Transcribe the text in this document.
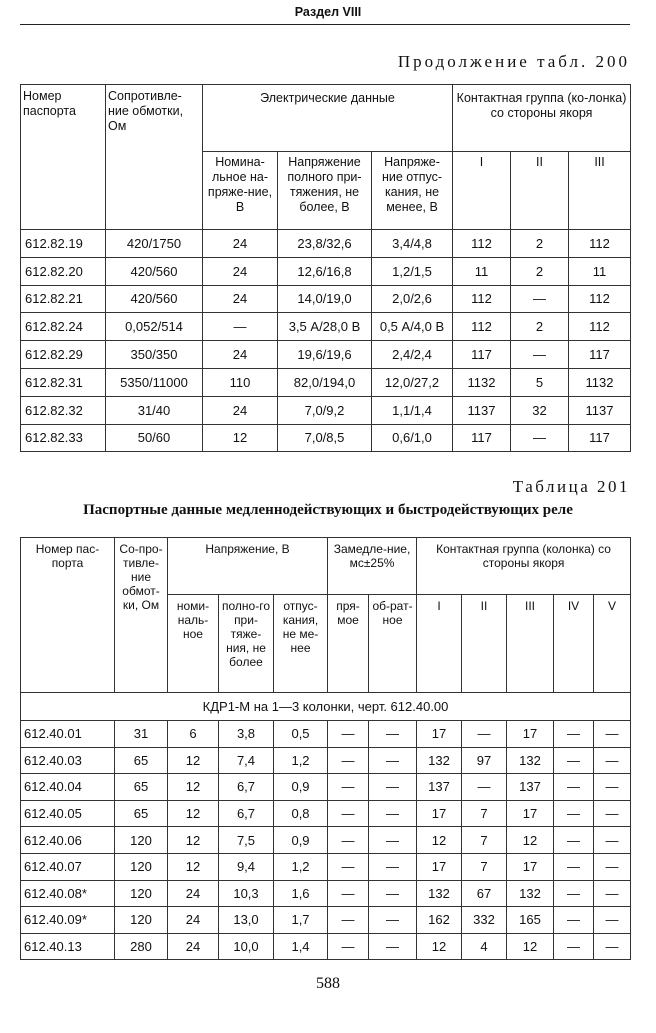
Раздел VIII
Продолжение табл. 200
Номер паспорта	Сопротивле-ние обмотки, Ом	Электрические данные			Контактная группа (ко-лонка) со стороны якоря		
		Номина-льное на-пряже-ние, В	Напряжение полного при-тяжения, не более, В	Напряже-ние отпус-кания, не менее, В	I	II	III
612.82.19	420/1750	24	23,8/32,6	3,4/4,8	112	2	112
612.82.20	420/560	24	12,6/16,8	1,2/1,5	11	2	11
612.82.21	420/560	24	14,0/19,0	2,0/2,6	112	—	112
612.82.24	0,052/514	—	3,5 А/28,0 В	0,5 А/4,0 В	112	2	112
612.82.29	350/350	24	19,6/19,6	2,4/2,4	117	—	117
612.82.31	5350/11000	110	82,0/194,0	12,0/27,2	1132	5	1132
612.82.32	31/40	24	7,0/9,2	1,1/1,4	1137	32	1137
612.82.33	50/60	12	7,0/8,5	0,6/1,0	117	—	117
Таблица 201
Паспортные данные медленнодействующих и быстродействующих реле
Номер пас-порта	Со-про-тивле-ние обмот-ки, Ом	Напряжение, В			Замедле-ние, мс±25%		Контактная группа (колонка) со стороны якоря				
		номи-наль-ное	полно-го при-тяже-ния, не более	отпус-кания, не ме-нее	пря-мое	об-рат-ное	I	II	III	IV	V
КДР1-М на 1—3 колонки, черт. 612.40.00											
612.40.01	31	6	3,8	0,5	—	—	17	—	17	—	—
612.40.03	65	12	7,4	1,2	—	—	132	97	132	—	—
612.40.04	65	12	6,7	0,9	—	—	137	—	137	—	—
612.40.05	65	12	6,7	0,8	—	—	17	7	17	—	—
612.40.06	120	12	7,5	0,9	—	—	12	7	12	—	—
612.40.07	120	12	9,4	1,2	—	—	17	7	17	—	—
612.40.08*	120	24	10,3	1,6	—	—	132	67	132	—	—
612.40.09*	120	24	13,0	1,7	—	—	162	332	165	—	—
612.40.13	280	24	10,0	1,4	—	—	12	4	12	—	—
588
